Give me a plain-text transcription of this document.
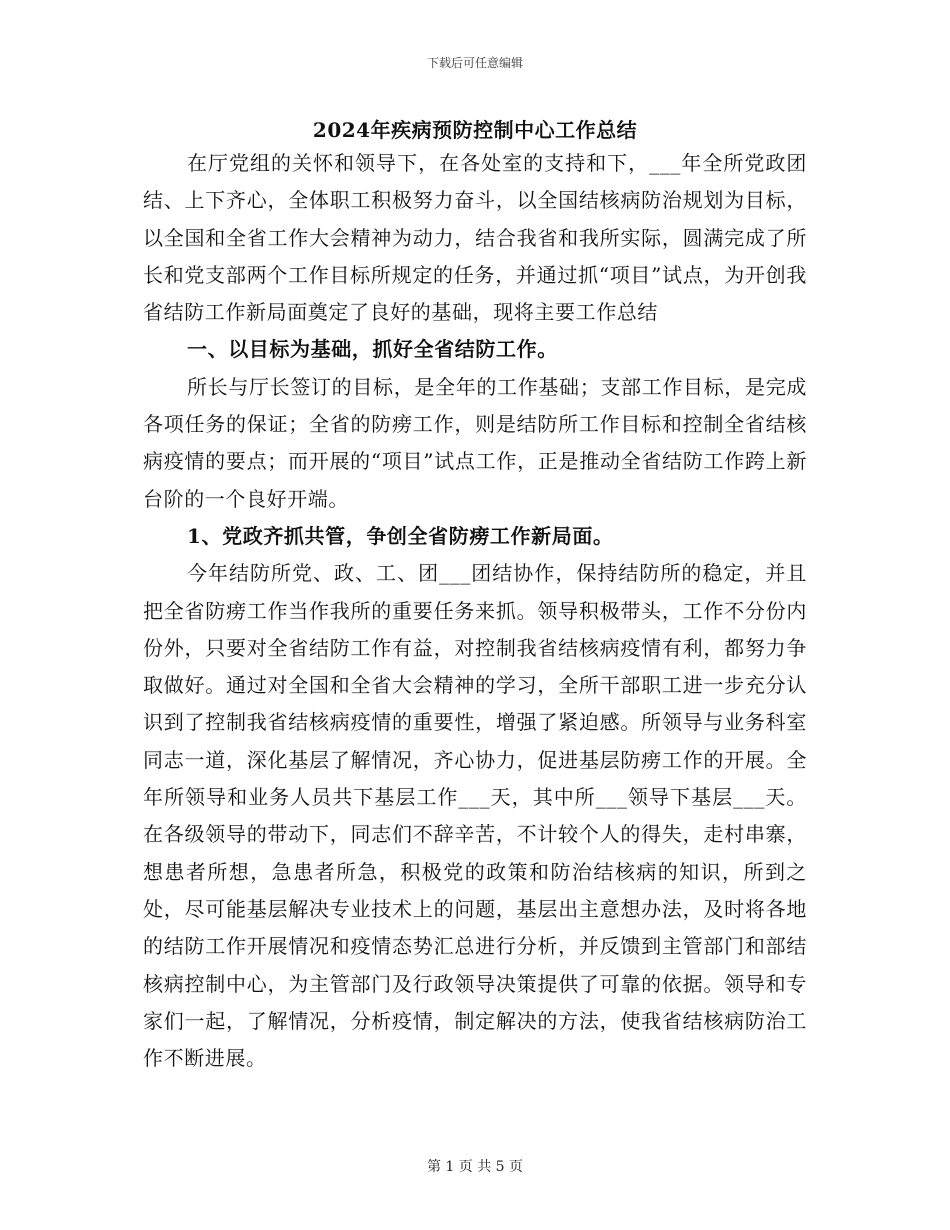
下载后可任意编辑
2024年疾病预防控制中心工作总结

在厅党组的关怀和领导下，在各处室的支持和下，___年全所党政团结、上下齐心，全体职工积极努力奋斗，以全国结核病防治规划为目标，以全国和全省工作大会精神为动力，结合我省和我所实际，圆满完成了所长和党支部两个工作目标所规定的任务，并通过抓“项目”试点，为开创我省结防工作新局面奠定了良好的基础，现将主要工作总结

一、以目标为基础，抓好全省结防工作。

所长与厅长签订的目标，是全年的工作基础；支部工作目标，是完成各项任务的保证；全省的防痨工作，则是结防所工作目标和控制全省结核病疫情的要点；而开展的“项目”试点工作，正是推动全省结防工作跨上新台阶的一个良好开端。

1、党政齐抓共管，争创全省防痨工作新局面。

今年结防所党、政、工、团___团结协作，保持结防所的稳定，并且把全省防痨工作当作我所的重要任务来抓。领导积极带头，工作不分份内份外，只要对全省结防工作有益，对控制我省结核病疫情有利，都努力争取做好。通过对全国和全省大会精神的学习，全所干部职工进一步充分认识到了控制我省结核病疫情的重要性，增强了紧迫感。所领导与业务科室同志一道，深化基层了解情况，齐心协力，促进基层防痨工作的开展。全年所领导和业务人员共下基层工作___天，其中所___领导下基层___天。在各级领导的带动下，同志们不辞辛苦，不计较个人的得失，走村串寨，想患者所想，急患者所急，积极党的政策和防治结核病的知识，所到之处，尽可能基层解决专业技术上的问题，基层出主意想办法，及时将各地的结防工作开展情况和疫情态势汇总进行分析，并反馈到主管部门和部结核病控制中心，为主管部门及行政领导决策提供了可靠的依据。领导和专家们一起，了解情况，分析疫情，制定解决的方法，使我省结核病防治工作不断进展。

第 1 页 共 5 页
